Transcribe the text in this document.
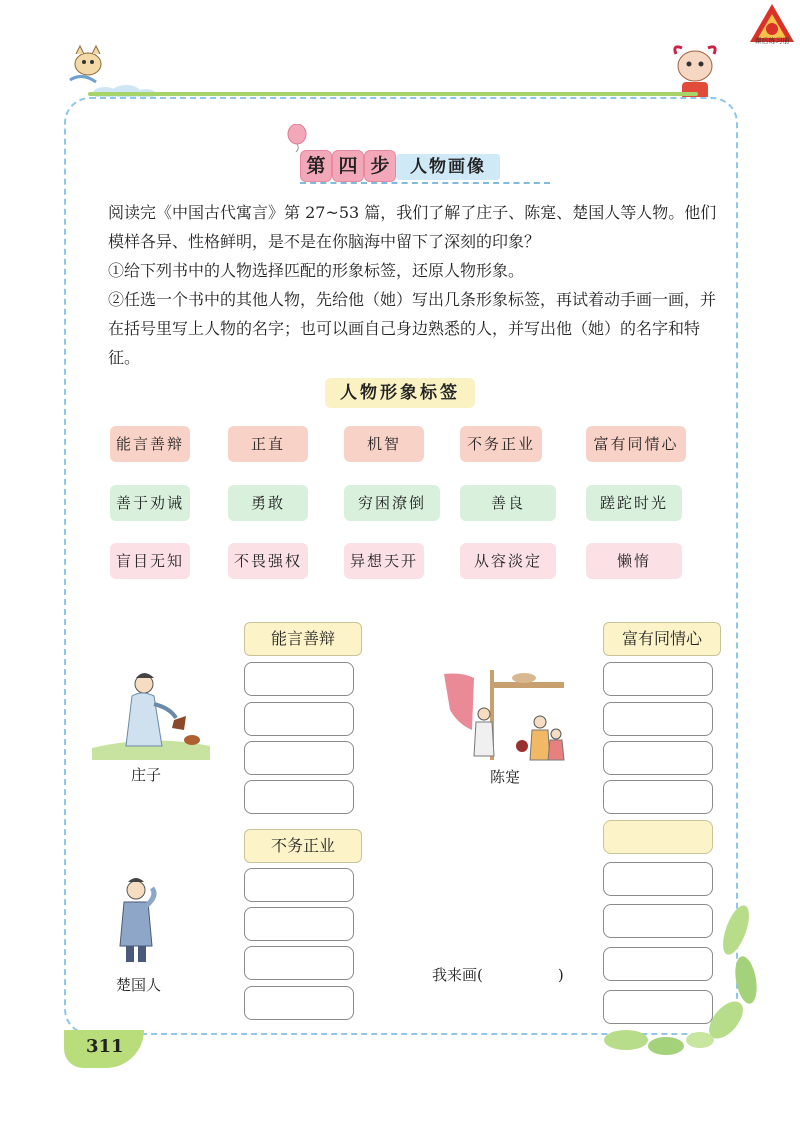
课后练习册
第 四 步	人物画像
阅读完《中国古代寓言》第 27~53 篇，我们了解了庄子、陈寔、楚国人等人物。他们模样各异、性格鲜明，是不是在你脑海中留下了深刻的印象？
①给下列书中的人物选择匹配的形象标签，还原人物形象。
②任选一个书中的其他人物，先给他（她）写出几条形象标签，再试着动手画一画，并在括号里写上人物的名字；也可以画自己身边熟悉的人，并写出他（她）的名字和特征。
人物形象标签
能言善辩	正直	机智	不务正业	富有同情心
善于劝诫	勇敢	穷困潦倒	善良	蹉跎时光
盲目无知	不畏强权	异想天开	从容淡定	懒惰
庄子
能言善辩
陈寔
富有同情心
楚国人
不务正业
我来画(　　　　　)
311
